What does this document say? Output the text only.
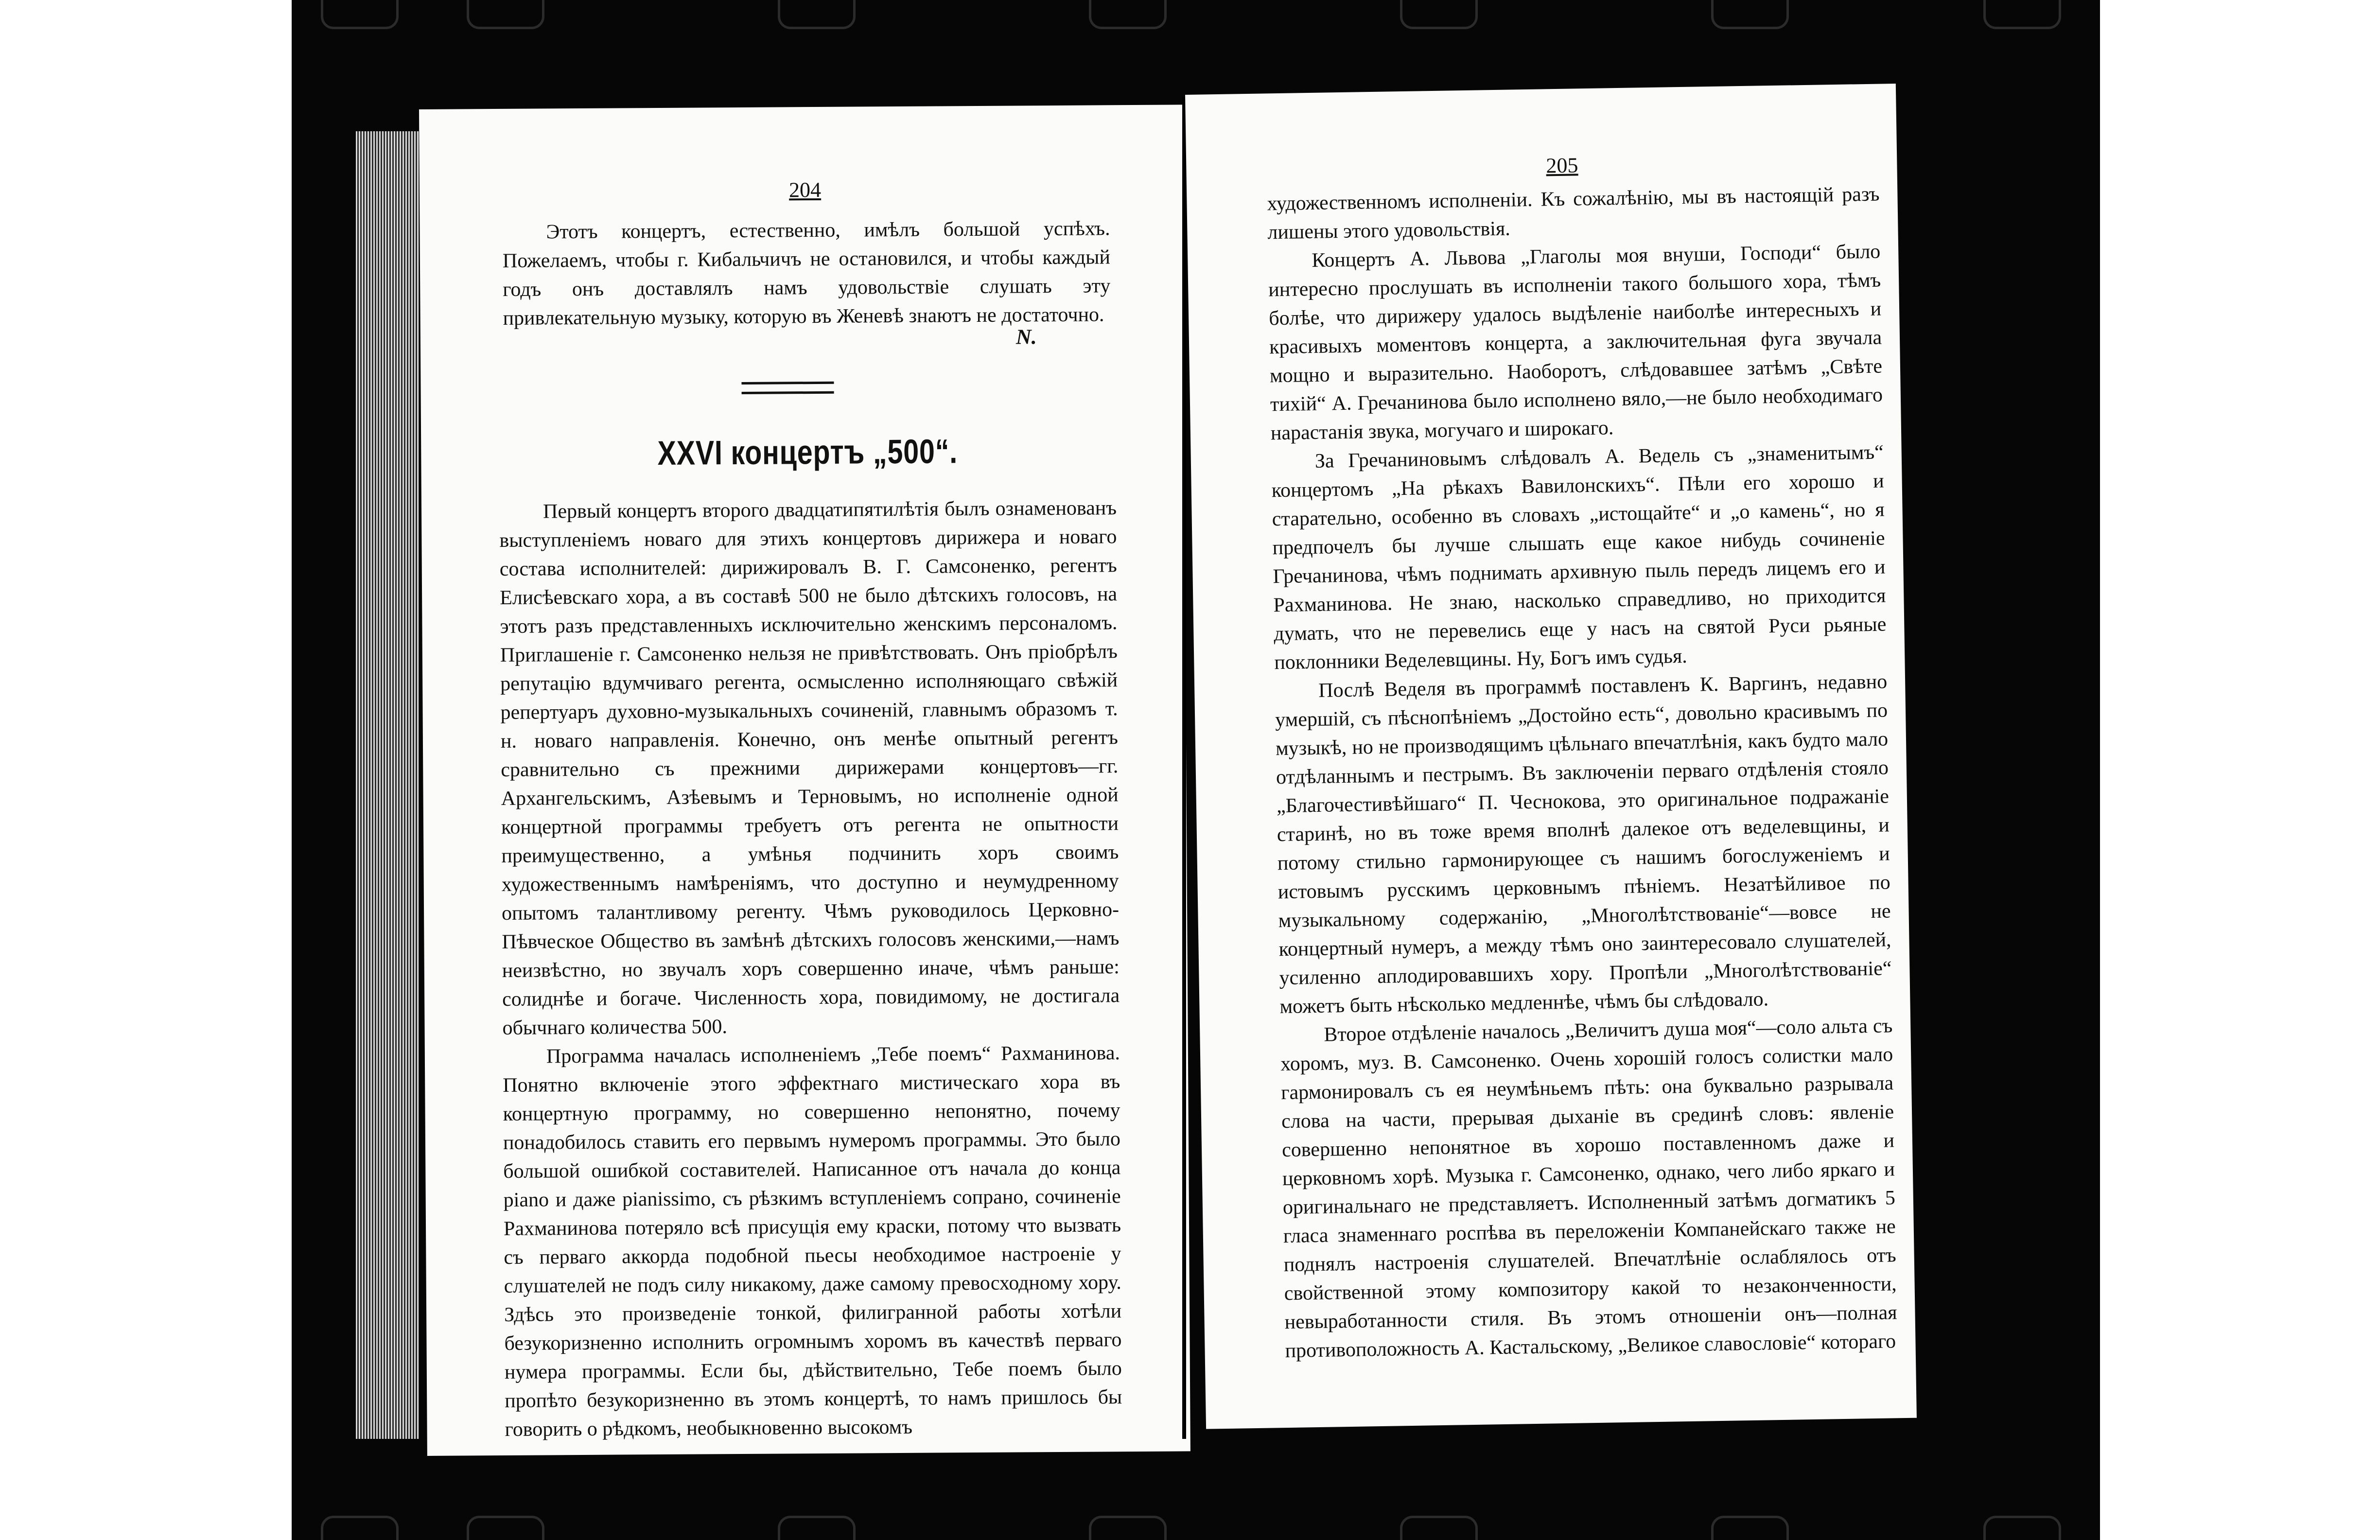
204

Этотъ концертъ, естественно, имѣлъ большой успѣхъ. Пожелаемъ, чтобы г. Кибальчичъ не остановился, и чтобы каждый годъ онъ доставлялъ намъ удовольствіе слушать эту привлекательную музыку, которую въ Женевѣ знаютъ не достаточно.

N.
XXVI концертъ „500“.

Первый концертъ второго двадцатипятилѣтія былъ ознаменованъ выступленіемъ новаго для этихъ концертовъ дирижера и новаго состава исполнителей: дирижировалъ В. Г. Самсоненко, регентъ Елисѣевскаго хора, а въ составѣ 500 не было дѣтскихъ голосовъ, на этотъ разъ представленныхъ исключительно женскимъ персоналомъ. Приглашеніе г. Самсоненко нельзя не привѣтствовать. Онъ пріобрѣлъ репутацію вдумчиваго регента, осмысленно исполняющаго свѣжій репертуаръ духовно-музыкальныхъ сочиненій, главнымъ образомъ т. н. новаго направленія. Конечно, онъ менѣе опытный регентъ сравнительно съ прежними дирижерами концертовъ—гг. Архангельскимъ, Азѣевымъ и Терновымъ, но исполненіе одной концертной программы требуетъ отъ регента не опытности преимущественно, а умѣнья подчинить хоръ своимъ художественнымъ намѣреніямъ, что доступно и неумудренному опытомъ талантливому регенту. Чѣмъ руководилось Церковно-Пѣвческое Общество въ замѣнѣ дѣтскихъ голосовъ женскими,—намъ неизвѣстно, но звучалъ хоръ совершенно иначе, чѣмъ раньше: солиднѣе и богаче. Численность хора, повидимому, не достигала обычнаго количества 500.

Программа началась исполненіемъ „Тебе поемъ“ Рахманинова. Понятно включеніе этого эффектнаго мистическаго хора въ концертную программу, но совершенно непонятно, почему понадобилось ставить его первымъ нумеромъ программы. Это было большой ошибкой составителей. Написанное отъ начала до конца piano и даже pianissimo, съ рѣзкимъ вступленіемъ сопрано, сочиненіе Рахманинова потеряло всѣ присущія ему краски, потому что вызвать съ перваго аккорда подобной пьесы необходимое настроеніе у слушателей не подъ силу никакому, даже самому превосходному хору. Здѣсь это произведеніе тонкой, филигранной работы хотѣли безукоризненно исполнить огромнымъ хоромъ въ качествѣ перваго нумера программы. Если бы, дѣйствительно, Тебе поемъ было пропѣто безукоризненно въ этомъ концертѣ, то намъ пришлось бы говорить о рѣдкомъ, необыкновенно высокомъ

205

художественномъ исполненіи. Къ сожалѣнію, мы въ настоящій разъ лишены этого удовольствія.

Концертъ А. Львова „Глаголы моя внуши, Господи“ было интересно прослушать въ исполненіи такого большого хора, тѣмъ болѣе, что дирижеру удалось выдѣленіе наиболѣе интересныхъ и красивыхъ моментовъ концерта, а заключительная фуга звучала мощно и выразительно. Наоборотъ, слѣдовавшее затѣмъ „Свѣте тихій“ А. Гречанинова было исполнено вяло,—не было необходимаго нарастанія звука, могучаго и широкаго.

За Гречаниновымъ слѣдовалъ А. Ведель съ „знаменитымъ“ концертомъ „На рѣкахъ Вавилонскихъ“. Пѣли его хорошо и старательно, особенно въ словахъ „истощайте“ и „о камень“, но я предпочелъ бы лучше слышать еще какое нибудь сочиненіе Гречанинова, чѣмъ поднимать архивную пыль передъ лицемъ его и Рахманинова. Не знаю, насколько справедливо, но приходится думать, что не перевелись еще у насъ на святой Руси рьяные поклонники Веделевщины. Ну, Богъ имъ судья.

Послѣ Веделя въ программѣ поставленъ К. Варгинъ, недавно умершій, съ пѣснопѣніемъ „Достойно есть“, довольно красивымъ по музыкѣ, но не производящимъ цѣльнаго впечатлѣнія, какъ будто мало отдѣланнымъ и пестрымъ. Въ заключеніи перваго отдѣленія стояло „Благочестивѣйшаго“ П. Чеснокова, это оригинальное подражаніе старинѣ, но въ тоже время вполнѣ далекое отъ веделевщины, и потому стильно гармонирующее съ нашимъ богослуженіемъ и истовымъ русскимъ церковнымъ пѣніемъ. Незатѣйливое по музыкальному содержанію, „Многолѣтствованіе“—вовсе не концертный нумеръ, а между тѣмъ оно заинтересовало слушателей, усиленно аплодировавшихъ хору. Пропѣли „Многолѣтствованіе“ можетъ быть нѣсколько медленнѣе, чѣмъ бы слѣдовало.

Второе отдѣленіе началось „Величитъ душа моя“—соло альта съ хоромъ, муз. В. Самсоненко. Очень хорошій голосъ солистки мало гармонировалъ съ ея неумѣньемъ пѣть: она буквально разрывала слова на части, прерывая дыханіе въ срединѣ словъ: явленіе совершенно непонятное въ хорошо поставленномъ даже и церковномъ хорѣ. Музыка г. Самсоненко, однако, чего либо яркаго и оригинальнаго не представляетъ. Исполненный затѣмъ догматикъ 5 гласа знаменнаго роспѣва въ переложеніи Компанейскаго также не поднялъ настроенія слушателей. Впечатлѣніе ослаблялось отъ свойственной этому композитору какой то незаконченности, невыработанности стиля. Въ этомъ отношеніи онъ—полная противоположность А. Кастальскому, „Великое славословіе“ котораго
